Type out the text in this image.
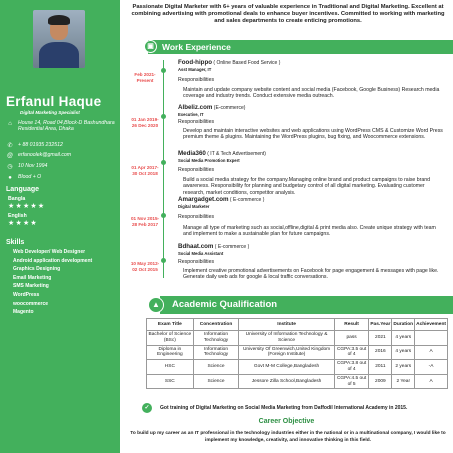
Erfanul Haque
Digital Marketing Specialist
⌂	House 14, Road 04,Block-D Bashundhara Residential Area, Dhaka
✆ + 88 01935 232512
@ erfanoolek@gmail.com
◷ 10 Nov 1994
●	Blood + O
Language
Bangla
★★★★★
English
★★★★
Skills
Web Developer/ Web Designer
Android application development
Graphics Designing
Email Marketing
SMS Marketing
WordPress
woocommerce
Magento
Passionate Digital Marketer with 6+ years of valuable experience in Traditional and Digital Marketing. Excellent at combining advertising with promotional deals to enhance buyer incentives. Committed to working with marketing and sales departments to create enticing promotions.
▣ Work Experience
Feb 2021- Present
Food-hippo ( Online Based Food Service )
Asst Manager, IT
Responsibilities
Maintain and update company website content and social media (Facebook, Google Business) Research media coverage and industry trends. Conduct extensive media outreach.
01 Jan 2019- 26 Dec 2020
Albeliz.com (E-commerce)
Executive, IT
Responsibilities
Develop and maintain interactive websites and web applications using WordPress CMS & Customize Word Press premium theme & plugins. Maintaining the WordPress plugins, bug fixing, and Woocommerce extensions.
01 Apr 2017- 30 Oct 2018
Media360 ( IT & Tech Advertisement)
Social Media Promotion Expert
Responsibilities
Build a social media strategy for the company.Managing online brand and product campaigns to raise brand awareness. Responsibility for planning and budgetary control of all digital marketing. Evaluating customer research, market conditions, competitor analysis.
01 Nov 2015- 28 Feb 2017
Amargadget.com ( E-commerce )
Digital Marketer
Responsibilities
Manage all type of marketing such as social,offline,digital & print media also. Create unique strategy with team and implement to make a sustainable plan for future campaigns.
10 May 2012- 02 Oct 2015
Bdhaat.com ( E-commerce )
Social Media Assistant
Responsibilities
Implement creative promotional advertisements on Facebook for page engagement & messages with page like. Generate daily web ads for google & local traffic conversations.
▲	Academic Qualification
Exam Title	Concentration	Institute	Result	Pas.Year	Duration	Achievement
Bachelor of Science (BSc)	Information Technology	University of Information Technology & Science	pass	2021	4 years	
Diploma in Engineering	Information Technology	University Of Greenwich,United Kingdom (Foreign Institute)	CGPA:3.5 out of 4	2016	4 years	A
HSC	Science	Govt M-M College,Bangladesh	CGPA:3.8 out of 4	2011	2 years	-A
SSC	Science	Jessore Zilla School,Bangladesh	CGPA:4.5 out of 5	2009	2 Year	A
✓	Got training of Digital Marketing on Social Media Marketing from Daffodil International Academy in 2015.
Career Objective
To build up my career as an IT professional in the technology industries either in the national or in a multinational company, I would like to implement my knowledge, creativity, and innovative thinking in this field.
